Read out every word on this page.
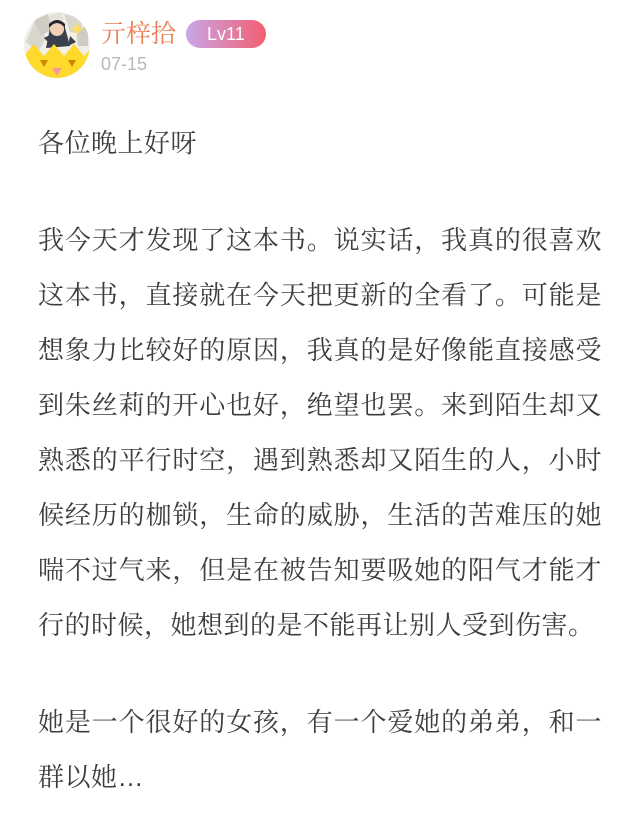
亓梓拾	Lv11
07-15

各位晚上好呀

我今天才发现了这本书。说实话，我真的很喜欢这本书，直接就在今天把更新的全看了。可能是想象力比较好的原因，我真的是好像能直接感受到朱丝莉的开心也好，绝望也罢。来到陌生却又熟悉的平行时空，遇到熟悉却又陌生的人，小时候经历的枷锁，生命的威胁，生活的苦难压的她喘不过气来，但是在被告知要吸她的阳气才能才行的时候，她想到的是不能再让别人受到伤害。

她是一个很好的女孩，有一个爱她的弟弟，和一群以她…
